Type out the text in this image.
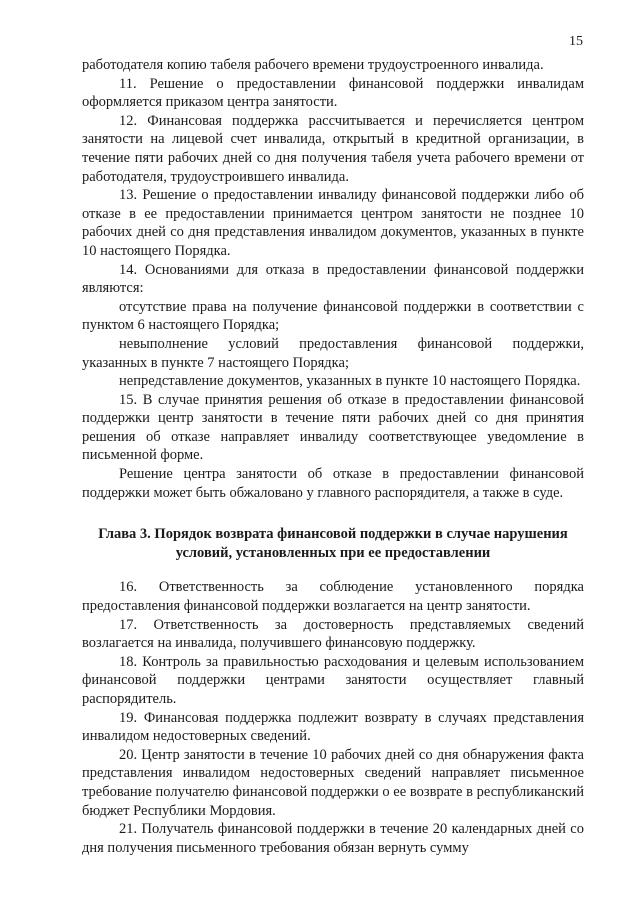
15

работодателя копию табеля рабочего времени трудоустроенного инвалида.

11. Решение о предоставлении финансовой поддержки инвалидам оформляется приказом центра занятости.

12. Финансовая поддержка рассчитывается и перечисляется центром занятости на лицевой счет инвалида, открытый в кредитной организации, в течение пяти рабочих дней со дня получения табеля учета рабочего времени от работодателя, трудоустроившего инвалида.

13. Решение о предоставлении инвалиду финансовой поддержки либо об отказе в ее предоставлении принимается центром занятости не позднее 10 рабочих дней со дня представления инвалидом документов, указанных в пункте 10 настоящего Порядка.

14. Основаниями для отказа в предоставлении финансовой поддержки являются:

отсутствие права на получение финансовой поддержки в соответствии с пунктом 6 настоящего Порядка;

невыполнение условий предоставления финансовой поддержки, указанных в пункте 7 настоящего Порядка;

непредставление документов, указанных в пункте 10 настоящего Порядка.

15. В случае принятия решения об отказе в предоставлении финансовой поддержки центр занятости в течение пяти рабочих дней со дня принятия решения об отказе направляет инвалиду соответствующее уведомление в письменной форме.

Решение центра занятости об отказе в предоставлении финансовой поддержки может быть обжаловано у главного распорядителя, а также в суде.

Глава 3. Порядок возврата финансовой поддержки в случае нарушения условий, установленных при ее предоставлении

16. Ответственность за соблюдение установленного порядка предоставления финансовой поддержки возлагается на центр занятости.

17. Ответственность за достоверность представляемых сведений возлагается на инвалида, получившего финансовую поддержку.

18. Контроль за правильностью расходования и целевым использованием финансовой поддержки центрами занятости осуществляет главный распорядитель.

19. Финансовая поддержка подлежит возврату в случаях представления инвалидом недостоверных сведений.

20. Центр занятости в течение 10 рабочих дней со дня обнаружения факта представления инвалидом недостоверных сведений направляет письменное требование получателю финансовой поддержки о ее возврате в республиканский бюджет Республики Мордовия.

21. Получатель финансовой поддержки в течение 20 календарных дней со дня получения письменного требования обязан вернуть сумму
